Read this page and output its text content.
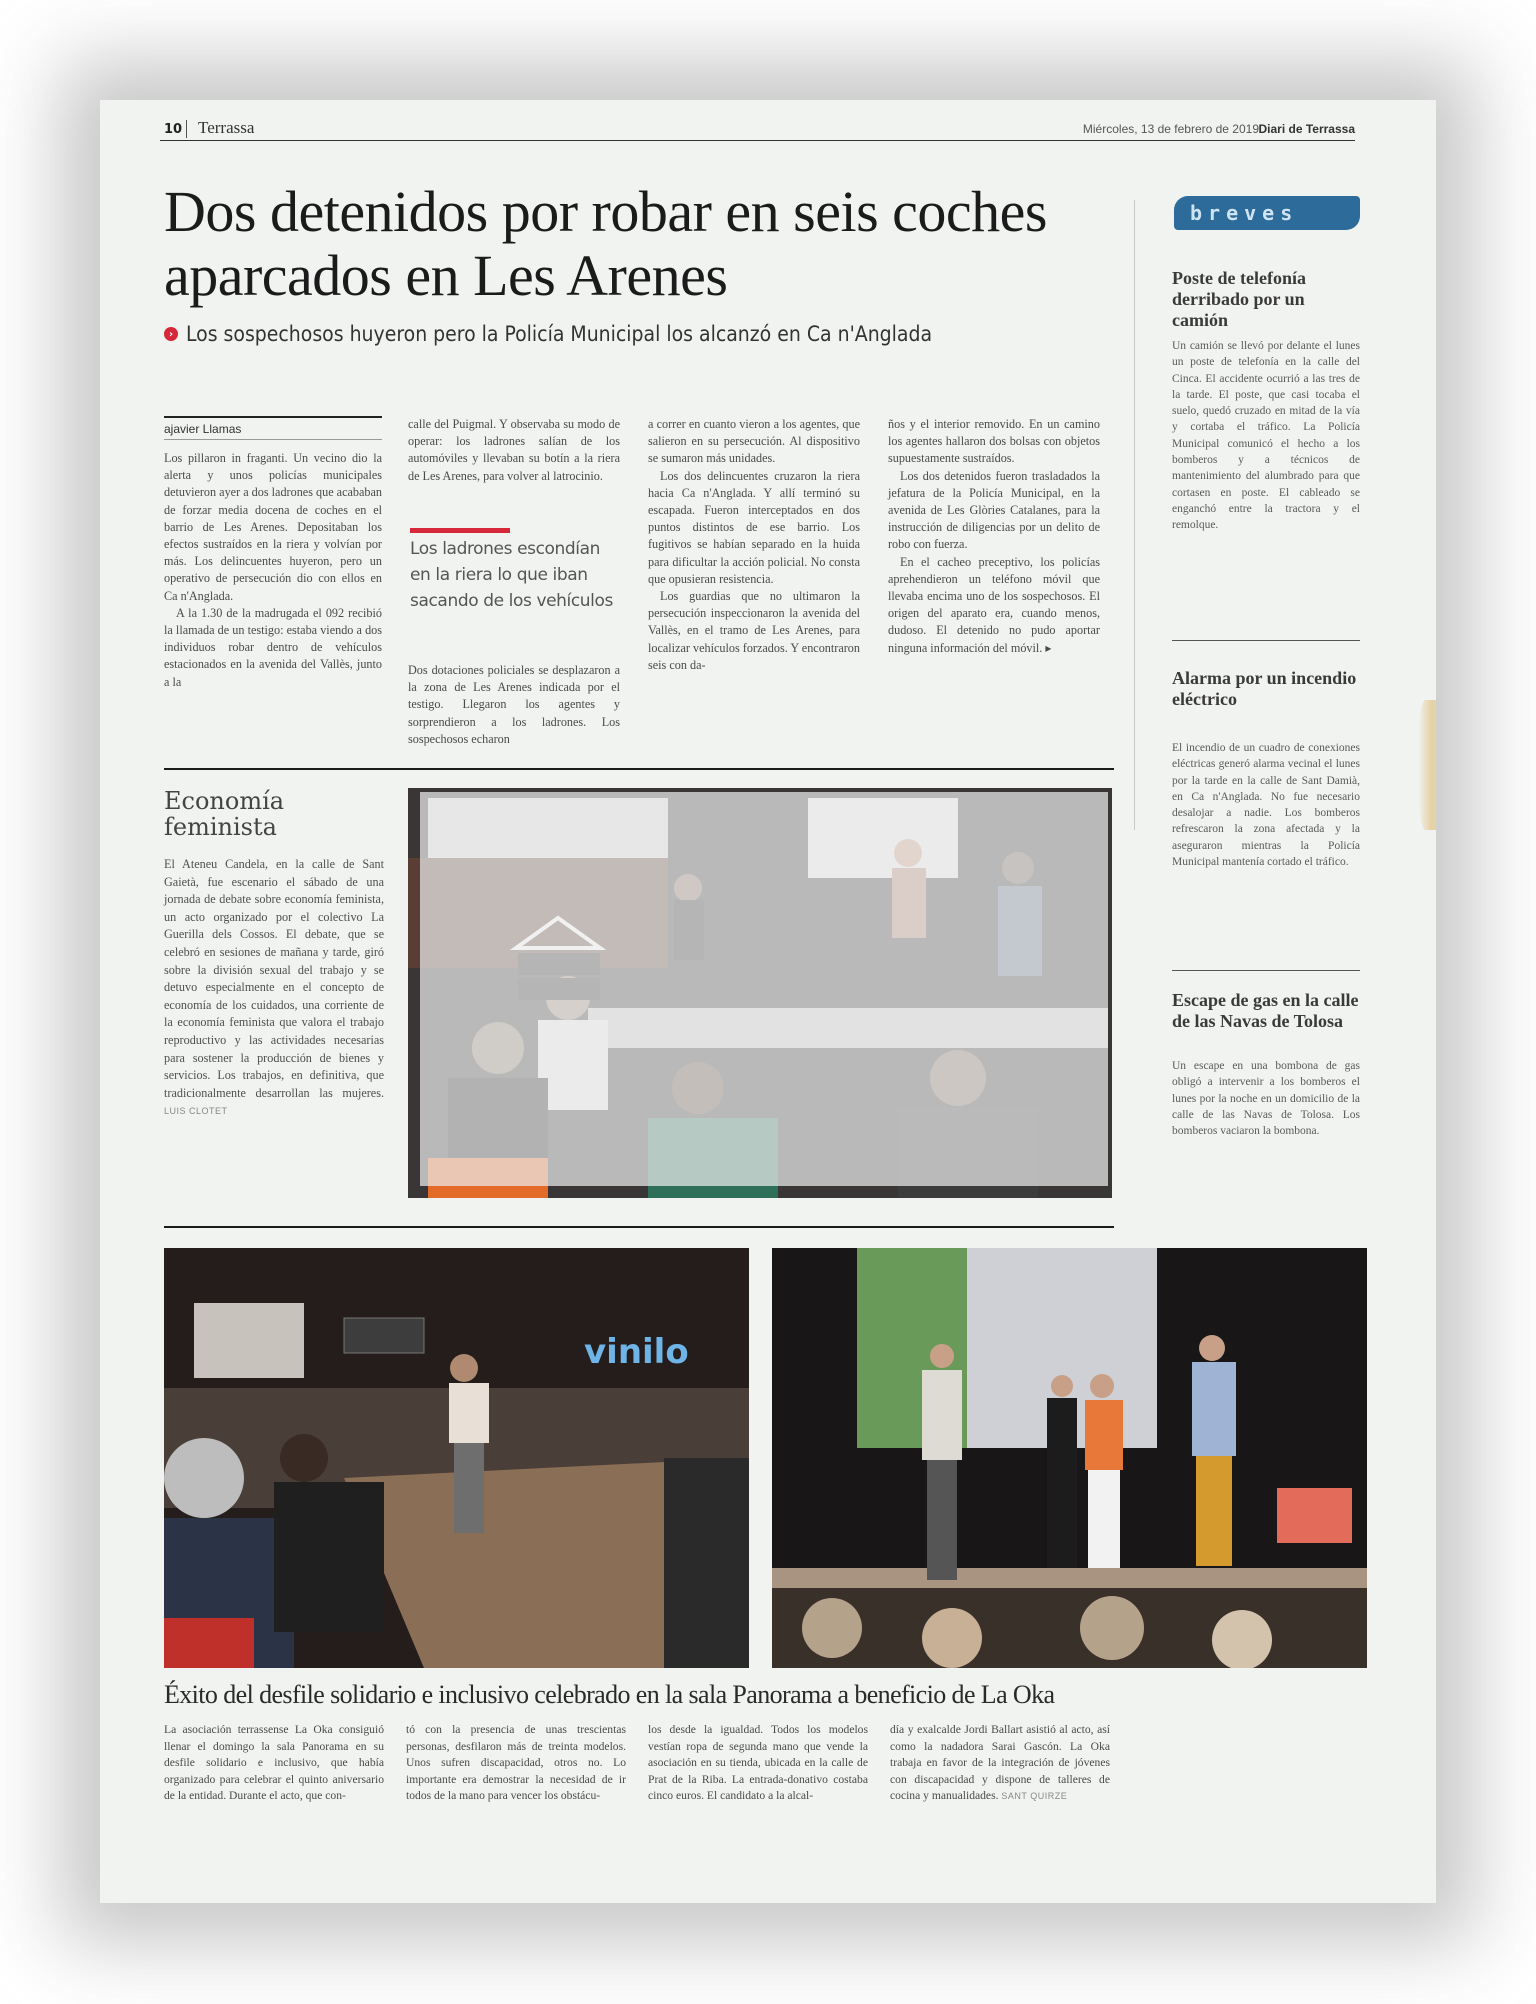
10 Terrassa	Miércoles, 13 de febrero de 2019 Diari de Terrassa
Dos detenidos por robar en seis coches aparcados en Les Arenes
› Los sospechosos huyeron pero la Policía Municipal los alcanzó en Ca n'Anglada
ajavier Llamas

Los pillaron in fraganti. Un vecino dio la alerta y unos policías municipales detuvieron ayer a dos ladrones que acababan de forzar media docena de coches en el barrio de Les Arenes. Depositaban los efectos sustraídos en la riera y volvían por más. Los delincuentes huyeron, pero un operativo de persecución dio con ellos en Ca n'Anglada.

A la 1.30 de la madrugada el 092 recibió la llamada de un testigo: estaba viendo a dos individuos robar dentro de vehículos estacionados en la avenida del Vallès, junto a la

calle del Puigmal. Y observaba su modo de operar: los ladrones salían de los automóviles y llevaban su botín a la riera de Les Arenes, para volver al latrocinio.

Los ladrones escondían en la riera lo que iban sacando de los vehículos

Dos dotaciones policiales se desplazaron a la zona de Les Arenes indicada por el testigo. Llegaron los agentes y sorprendieron a los ladrones. Los sospechosos echaron

a correr en cuanto vieron a los agentes, que salieron en su persecución. Al dispositivo se sumaron más unidades.

Los dos delincuentes cruzaron la riera hacia Ca n'Anglada. Y allí terminó su escapada. Fueron interceptados en dos puntos distintos de ese barrio. Los fugitivos se habían separado en la huida para dificultar la acción policial. No consta que opusieran resistencia.

Los guardias que no ultimaron la persecución inspeccionaron la avenida del Vallès, en el tramo de Les Arenes, para localizar vehículos forzados. Y encontraron seis con da-

ños y el interior removido. En un camino los agentes hallaron dos bolsas con objetos supuestamente sustraídos.

Los dos detenidos fueron trasladados la jefatura de la Policía Municipal, en la avenida de Les Glòries Catalanes, para la instrucción de diligencias por un delito de robo con fuerza.

En el cacheo preceptivo, los policías aprehendieron un teléfono móvil que llevaba encima uno de los sospechosos. El origen del aparato era, cuando menos, dudoso. El detenido no pudo aportar ninguna información del móvil. ▸

breves
Poste de telefonía derribado por un camión
Un camión se llevó por delante el lunes un poste de telefonía en la calle del Cinca. El accidente ocurrió a las tres de la tarde. El poste, que casi tocaba el suelo, quedó cruzado en mitad de la vía y cortaba el tráfico. La Policía Municipal comunicó el hecho a los bomberos y a técnicos de mantenimiento del alumbrado para que cortasen en poste. El cableado se enganchó entre la tractora y el remolque.
Alarma por un incendio eléctrico
El incendio de un cuadro de conexiones eléctricas generó alarma vecinal el lunes por la tarde en la calle de Sant Damià, en Ca n'Anglada. No fue necesario desalojar a nadie. Los bomberos refrescaron la zona afectada y la aseguraron mientras la Policía Municipal mantenía cortado el tráfico.
Escape de gas en la calle de las Navas de Tolosa
Un escape en una bombona de gas obligó a intervenir a los bomberos el lunes por la noche en un domicilio de la calle de las Navas de Tolosa. Los bomberos vaciaron la bombona.
Economía feminista
El Ateneu Candela, en la calle de Sant Gaietà, fue escenario el sábado de una jornada de debate sobre economía feminista, un acto organizado por el colectivo La Guerilla dels Cossos. El debate, que se celebró en sesiones de mañana y tarde, giró sobre la división sexual del trabajo y se detuvo especialmente en el concepto de economía de los cuidados, una corriente de la economía feminista que valora el trabajo reproductivo y las actividades necesarias para sostener la producción de bienes y servicios. Los trabajos, en definitiva, que tradicionalmente desarrollan las mujeres. LUIS CLOTET
vinilo
Éxito del desfile solidario e inclusivo celebrado en la sala Panorama a beneficio de La Oka
La asociación terrassense La Oka consiguió llenar el domingo la sala Panorama en su desfile solidario e inclusivo, que había organizado para celebrar el quinto aniversario de la entidad. Durante el acto, que con-
tó con la presencia de unas trescientas personas, desfilaron más de treinta modelos. Unos sufren discapacidad, otros no. Lo importante era demostrar la necesidad de ir todos de la mano para vencer los obstácu-
los desde la igualdad. Todos los modelos vestían ropa de segunda mano que vende la asociación en su tienda, ubicada en la calle de Prat de la Riba. La entrada-donativo costaba cinco euros. El candidato a la alcal-
día y exalcalde Jordi Ballart asistió al acto, así como la nadadora Sarai Gascón. La Oka trabaja en favor de la integración de jóvenes con discapacidad y dispone de talleres de cocina y manualidades. SANT QUIRZE
